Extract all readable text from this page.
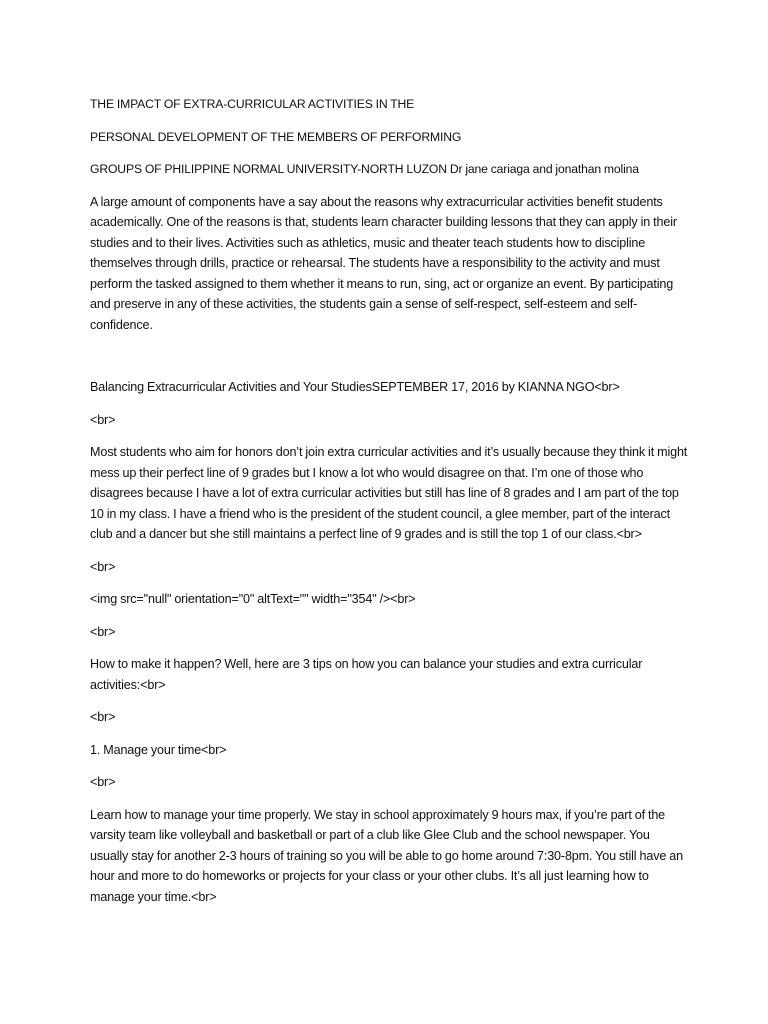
THE IMPACT OF EXTRA-CURRICULAR ACTIVITIES IN THE

PERSONAL DEVELOPMENT OF THE MEMBERS OF PERFORMING

GROUPS OF PHILIPPINE NORMAL UNIVERSITY-NORTH LUZON Dr jane cariaga and jonathan molina

A large amount of components have a say about the reasons why extracurricular activities benefit students academically. One of the reasons is that, students learn character building lessons that they can apply in their studies and to their lives. Activities such as athletics, music and theater teach students how to discipline themselves through drills, practice or rehearsal. The students have a responsibility to the activity and must perform the tasked assigned to them whether it means to run, sing, act or organize an event. By participating and preserve in any of these activities, the students gain a sense of self-respect, self-esteem and self-confidence.

Balancing Extracurricular Activities and Your StudiesSEPTEMBER 17, 2016 by KIANNA NGO<br>

<br>

Most students who aim for honors don’t join extra curricular activities and it’s usually because they think it might mess up their perfect line of 9 grades but I know a lot who would disagree on that. I’m one of those who disagrees because I have a lot of extra curricular activities but still has line of 8 grades and I am part of the top 10 in my class. I have a friend who is the president of the student council, a glee member, part of the interact club and a dancer but she still maintains a perfect line of 9 grades and is still the top 1 of our class.<br>

<br>

<img src="null" orientation="0" altText="" width="354" /><br>

<br>

How to make it happen? Well, here are 3 tips on how you can balance your studies and extra curricular activities:<br>

<br>

1. Manage your time<br>

<br>

Learn how to manage your time properly. We stay in school approximately 9 hours max, if you’re part of the varsity team like volleyball and basketball or part of a club like Glee Club and the school newspaper. You usually stay for another 2-3 hours of training so you will be able to go home around 7:30-8pm. You still have an hour and more to do homeworks or projects for your class or your other clubs. It’s all just learning how to manage your time.<br>
